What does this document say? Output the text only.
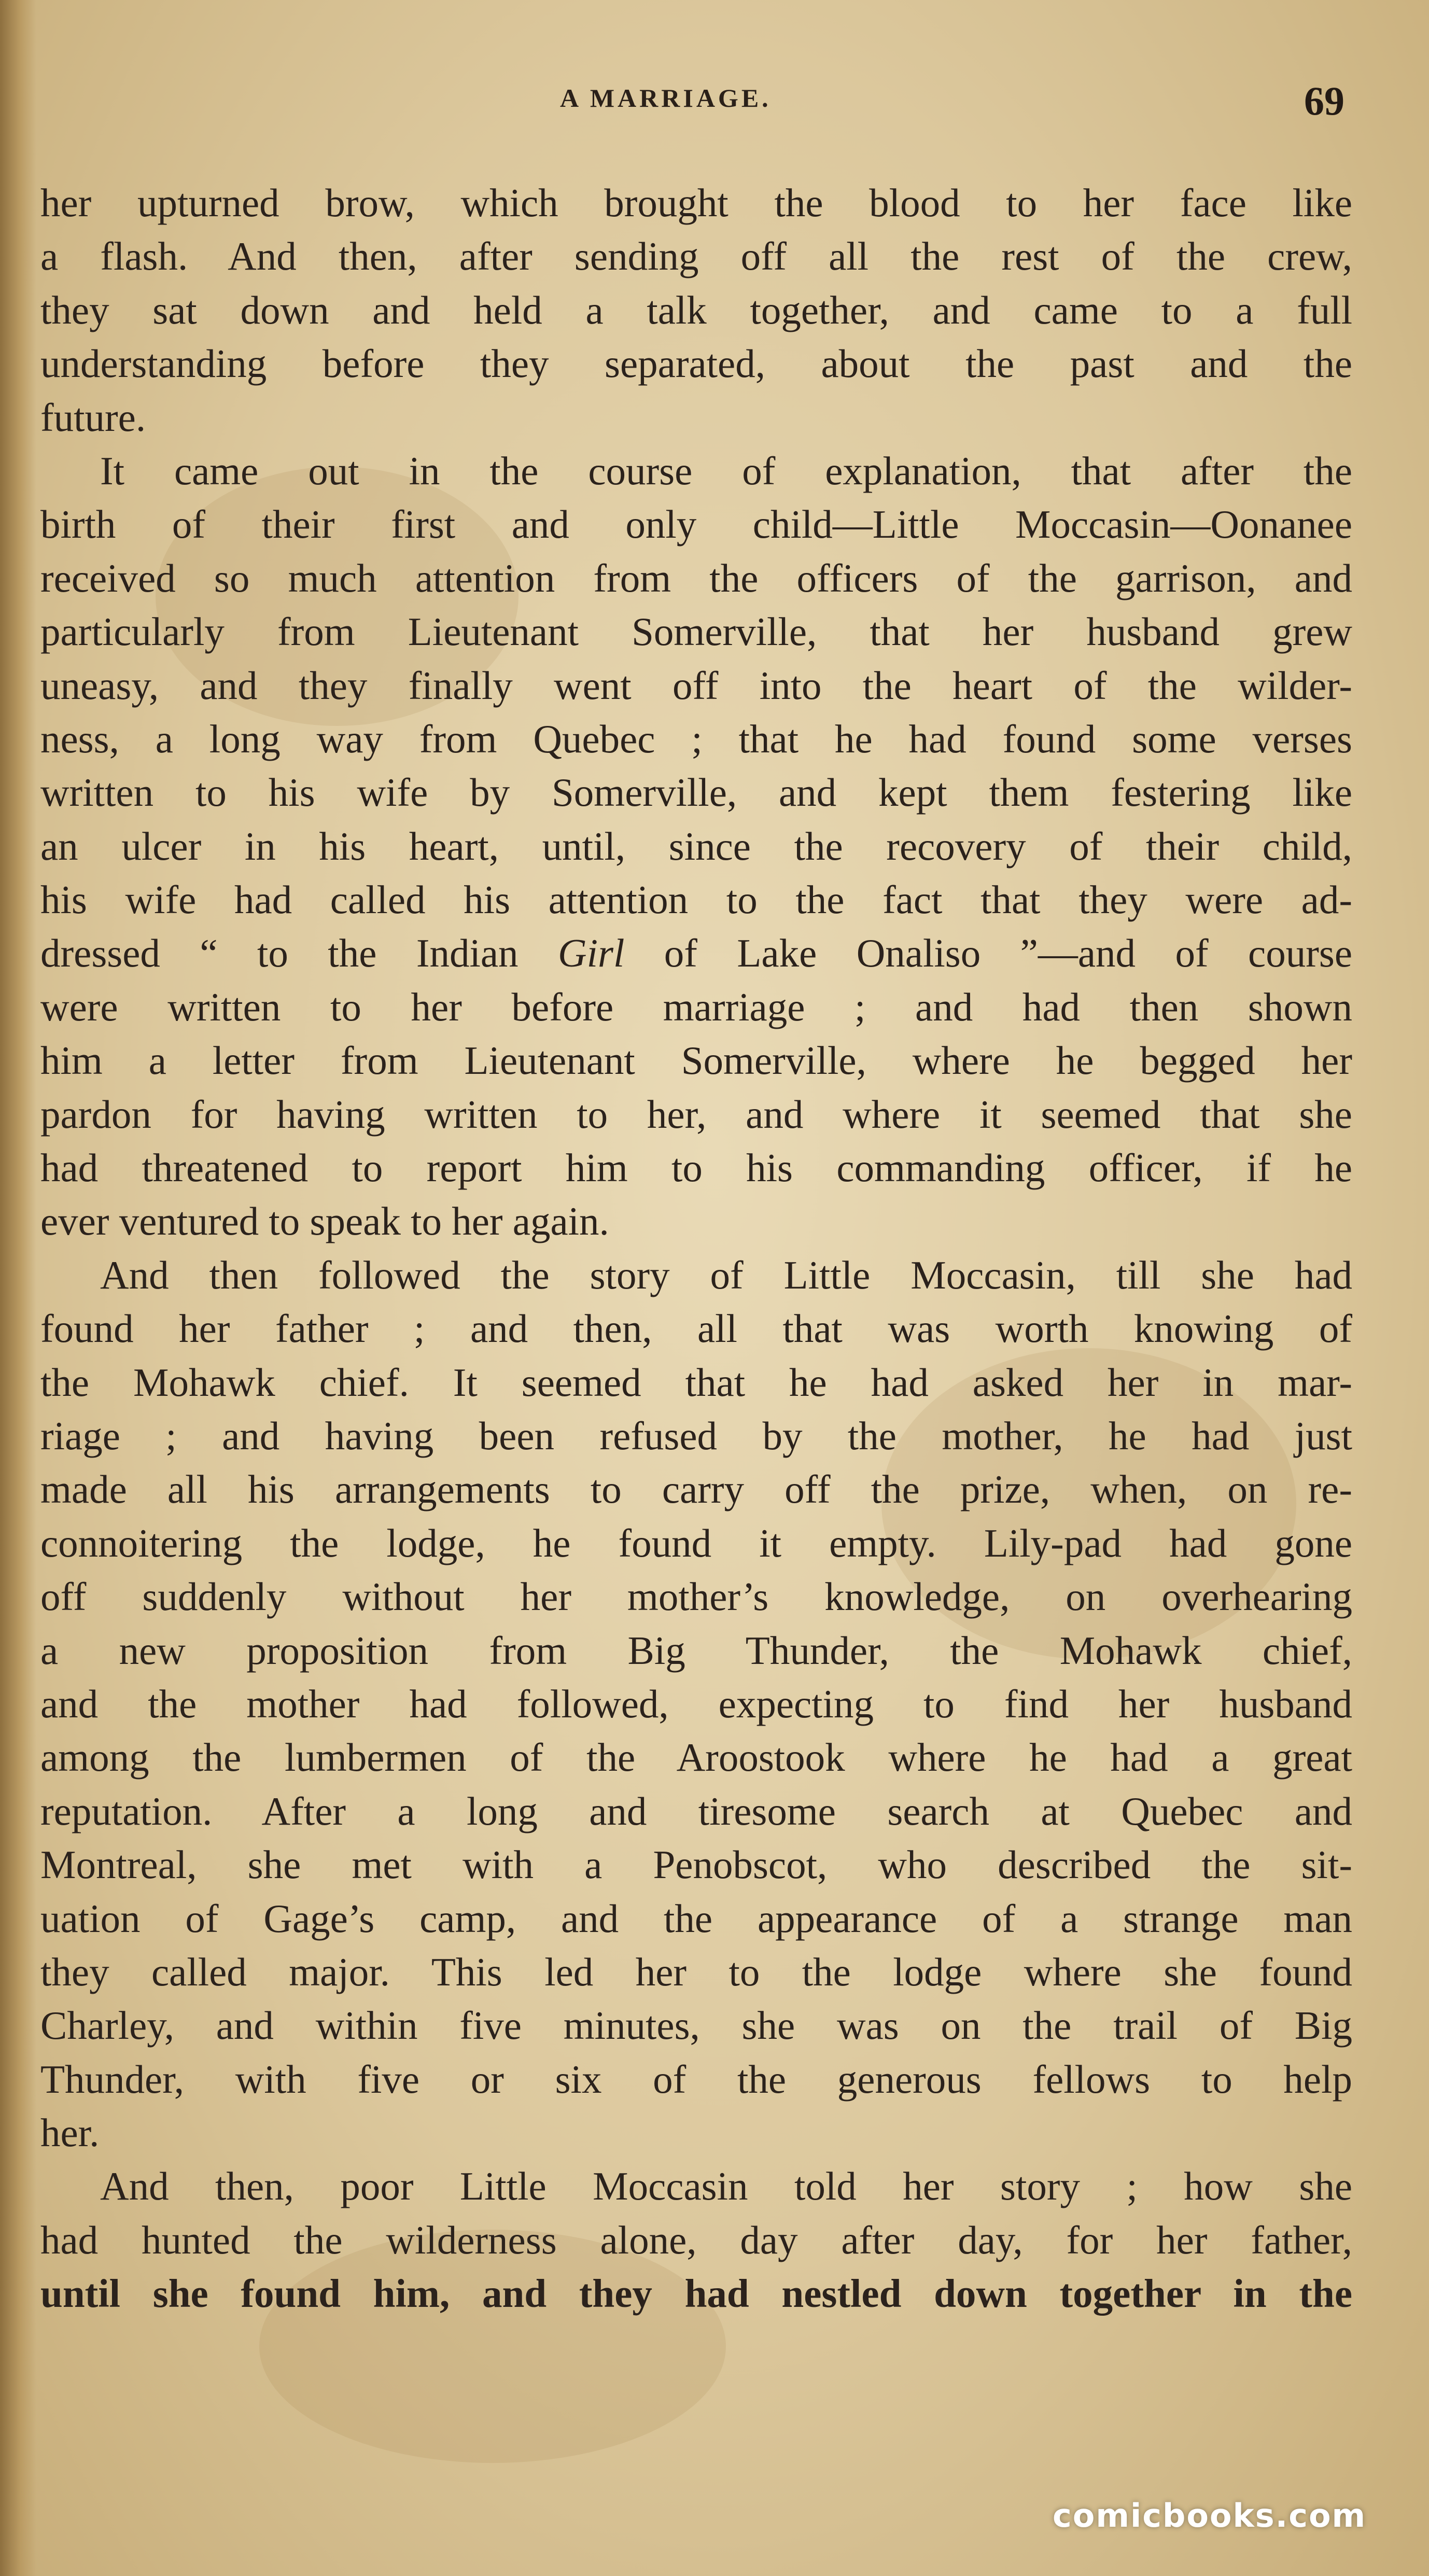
A MARRIAGE.	69
her upturned brow, which brought the blood to her face like
a flash. And then, after sending off all the rest of the crew,
they sat down and held a talk together, and came to a full
understanding before they separated, about the past and the
future.
It came out in the course of explanation, that after the
birth of their first and only child—Little Moccasin—Oonanee
received so much attention from the officers of the garrison, and
particularly from Lieutenant Somerville, that her husband grew
uneasy, and they finally went off into the heart of the wilder-
ness, a long way from Quebec ; that he had found some verses
written to his wife by Somerville, and kept them festering like
an ulcer in his heart, until, since the recovery of their child,
his wife had called his attention to the fact that they were ad-
dressed “ to the Indian Girl of Lake Onaliso ”—and of course
were written to her before marriage ; and had then shown
him a letter from Lieutenant Somerville, where he begged her
pardon for having written to her, and where it seemed that she
had threatened to report him to his commanding officer, if he
ever ventured to speak to her again.
And then followed the story of Little Moccasin, till she had
found her father ; and then, all that was worth knowing of
the Mohawk chief. It seemed that he had asked her in mar-
riage ; and having been refused by the mother, he had just
made all his arrangements to carry off the prize, when, on re-
connoitering the lodge, he found it empty. Lily-pad had gone
off suddenly without her mother’s knowledge, on overhearing
a new proposition from Big Thunder, the Mohawk chief,
and the mother had followed, expecting to find her husband
among the lumbermen of the Aroostook where he had a great
reputation. After a long and tiresome search at Quebec and
Montreal, she met with a Penobscot, who described the sit-
uation of Gage’s camp, and the appearance of a strange man
they called major. This led her to the lodge where she found
Charley, and within five minutes, she was on the trail of Big
Thunder, with five or six of the generous fellows to help
her.
And then, poor Little Moccasin told her story ; how she
had hunted the wilderness alone, day after day, for her father,
until she found him, and they had nestled down together in the
comicbooks.com
